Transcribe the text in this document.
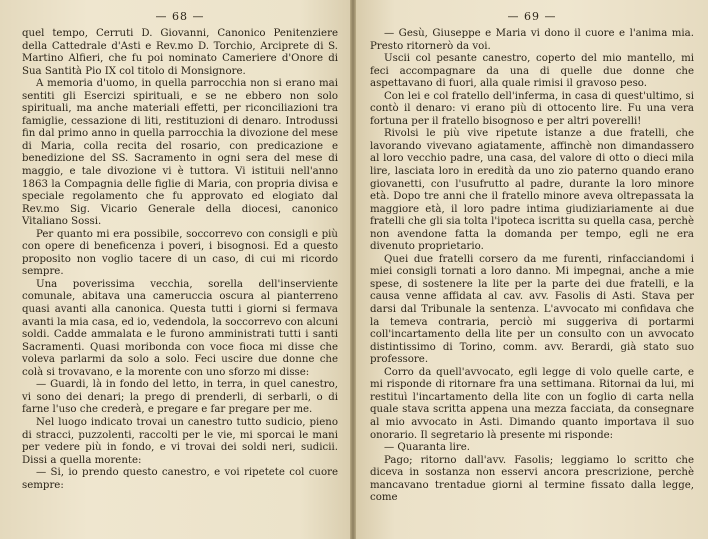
— 68 —

quel tempo, Cerruti D. Giovanni, Canonico Penitenziere della Cattedrale d'Asti e Rev.mo D. Torchio, Arciprete di S. Martino Alfieri, che fu poi nominato Cameriere d'Onore di Sua Santità Pio IX col titolo di Monsignore.

A memoria d'uomo, in quella parrocchia non si erano mai sentiti gli Esercizi spirituali, e se ne ebbero non solo spirituali, ma anche materiali effetti, per riconciliazioni tra famiglie, cessazione di liti, restituzioni di denaro. Introdussi fin dal primo anno in quella parrocchia la divozione del mese di Maria, colla recita del rosario, con predicazione e benedizione del SS. Sacramento in ogni sera del mese di maggio, e tale divozione vi è tuttora. Vi istituii nell'anno 1863 la Compagnia delle figlie di Maria, con propria divisa e speciale regolamento che fu approvato ed elogiato dal Rev.mo Sig. Vicario Generale della diocesi, canonico Vitaliano Sossi.

Per quanto mi era possibile, soccorrevo con consigli e più con opere di beneficenza i poveri, i bisognosi. Ed a questo proposito non voglio tacere di un caso, di cui mi ricordo sempre.

Una poverissima vecchia, sorella dell'inserviente comunale, abitava una cameruccia oscura al pianterreno quasi avanti alla canonica. Questa tutti i giorni si fermava avanti la mia casa, ed io, vedendola, la soccorrevo con alcuni soldi. Cadde ammalata e le furono amministrati tutti i santi Sacramenti. Quasi moribonda con voce fioca mi disse che voleva parlarmi da solo a solo. Feci uscire due donne che colà si trovavano, e la morente con uno sforzo mi disse:

— Guardi, là in fondo del letto, in terra, in quel canestro, vi sono dei denari; la prego di prenderli, di serbarli, o di farne l'uso che crederà, e pregare e far pregare per me.

Nel luogo indicato trovai un canestro tutto sudicio, pieno di stracci, puzzolenti, raccolti per le vie, mi sporcai le mani per vedere più in fondo, e vi trovai dei soldi neri, sudicii. Dissi a quella morente:

— Si, io prendo questo canestro, e voi ripetete col cuore sempre:

— 69 —

— Gesù, Giuseppe e Maria vi dono il cuore e l'anima mia. Presto ritornerò da voi.

Uscii col pesante canestro, coperto del mio mantello, mi feci accompagnare da una di quelle due donne che aspettavano di fuori, alla quale rimisi il gravoso peso.

Con lei e col fratello dell'inferma, in casa di quest'ultimo, si contò il denaro: vi erano più di ottocento lire. Fu una vera fortuna per il fratello bisognoso e per altri poverelli!

Rivolsi le più vive ripetute istanze a due fratelli, che lavorando vivevano agiatamente, affinchè non dimandassero al loro vecchio padre, una casa, del valore di otto o dieci mila lire, lasciata loro in eredità da uno zio paterno quando erano giovanetti, con l'usufrutto al padre, durante la loro minore età. Dopo tre anni che il fratello minore aveva oltrepassata la maggiore età, il loro padre intima giudiziariamente ai due fratelli che gli sia tolta l'ipoteca iscritta su quella casa, perchè non avendone fatta la domanda per tempo, egli ne era divenuto proprietario.

Quei due fratelli corsero da me furenti, rinfacciandomi i miei consigli tornati a loro danno. Mi impegnai, anche a mie spese, di sostenere la lite per la parte dei due fratelli, e la causa venne affidata al cav. avv. Fasolis di Asti. Stava per darsi dal Tribunale la sentenza. L'avvocato mi confidava che la temeva contraria, perciò mi suggeriva di portarmi coll'incartamento della lite per un consulto con un avvocato distintissimo di Torino, comm. avv. Berardi, già stato suo professore.

Corro da quell'avvocato, egli legge di volo quelle carte, e mi risponde di ritornare fra una settimana. Ritornai da lui, mi restituì l'incartamento della lite con un foglio di carta nella quale stava scritta appena una mezza facciata, da consegnare al mio avvocato in Asti. Dimando quanto importava il suo onorario. Il segretario là presente mi risponde:

— Quaranta lire.

Pago; ritorno dall'avv. Fasolis; leggiamo lo scritto che diceva in sostanza non esservi ancora prescrizione, perchè mancavano trentadue giorni al termine fissato dalla legge, come
